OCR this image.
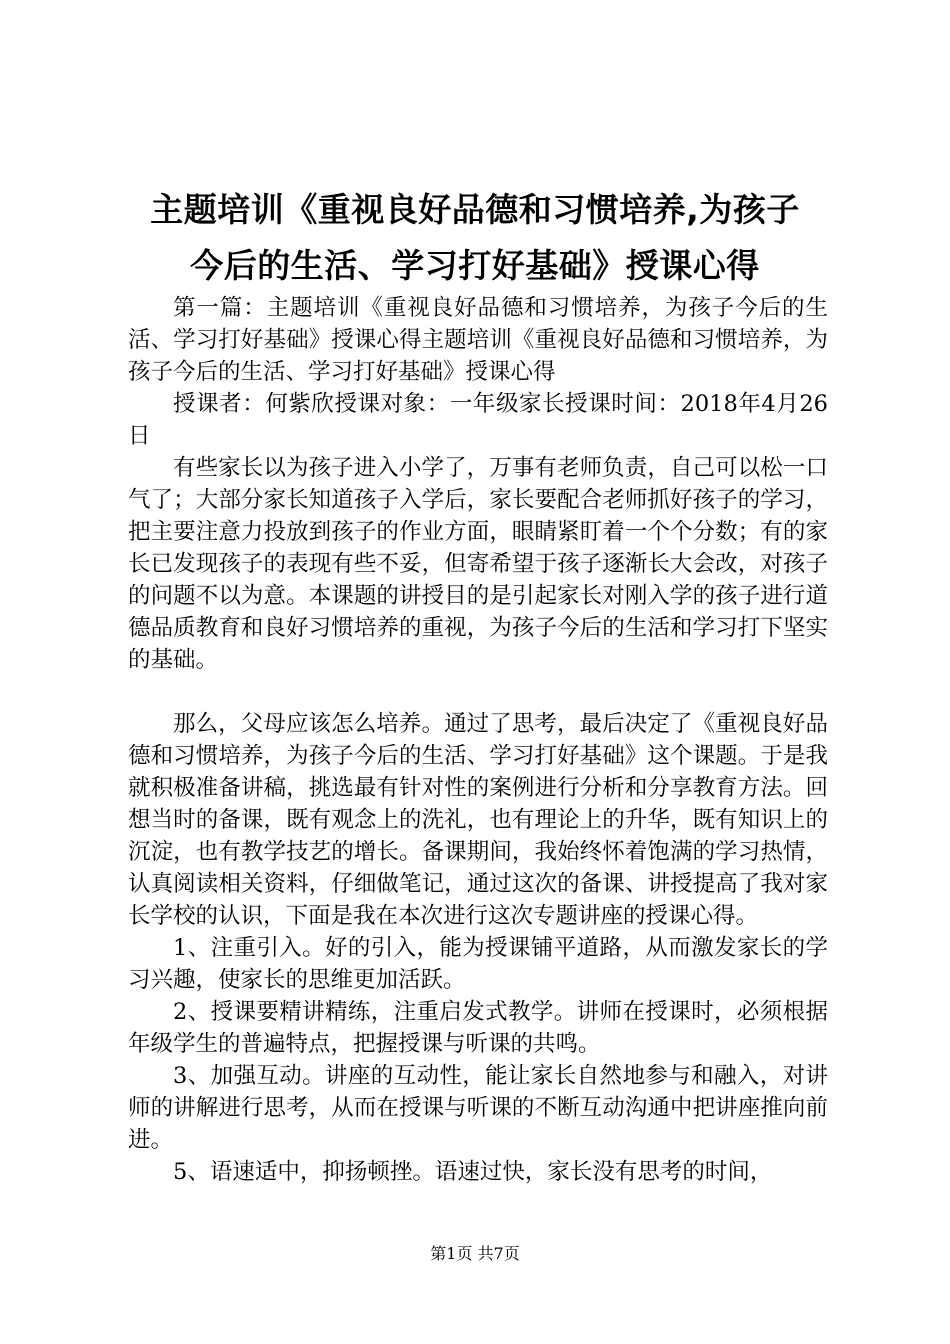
主题培训《重视良好品德和习惯培养,为孩子
今后的生活、学习打好基础》授课心得

第一篇：主题培训《重视良好品德和习惯培养，为孩子今后的生活、学习打好基础》授课心得主题培训《重视良好品德和习惯培养，为孩子今后的生活、学习打好基础》授课心得

授课者：何紫欣授课对象：一年级家长授课时间：2018年4月26日

有些家长以为孩子进入小学了，万事有老师负责，自己可以松一口气了；大部分家长知道孩子入学后，家长要配合老师抓好孩子的学习，把主要注意力投放到孩子的作业方面，眼睛紧盯着一个个分数；有的家长已发现孩子的表现有些不妥，但寄希望于孩子逐渐长大会改，对孩子的问题不以为意。本课题的讲授目的是引起家长对刚入学的孩子进行道德品质教育和良好习惯培养的重视，为孩子今后的生活和学习打下坚实的基础。

那么，父母应该怎么培养。通过了思考，最后决定了《重视良好品德和习惯培养，为孩子今后的生活、学习打好基础》这个课题。于是我就积极准备讲稿，挑选最有针对性的案例进行分析和分享教育方法。回想当时的备课，既有观念上的洗礼，也有理论上的升华，既有知识上的沉淀，也有教学技艺的增长。备课期间，我始终怀着饱满的学习热情，认真阅读相关资料，仔细做笔记，通过这次的备课、讲授提高了我对家长学校的认识，下面是我在本次进行这次专题讲座的授课心得。

1、注重引入。好的引入，能为授课铺平道路，从而激发家长的学习兴趣，使家长的思维更加活跃。

2、授课要精讲精练，注重启发式教学。讲师在授课时，必须根据年级学生的普遍特点，把握授课与听课的共鸣。

3、加强互动。讲座的互动性，能让家长自然地参与和融入，对讲师的讲解进行思考，从而在授课与听课的不断互动沟通中把讲座推向前进。

5、语速适中，抑扬顿挫。语速过快，家长没有思考的时间，

第1页 共7页
